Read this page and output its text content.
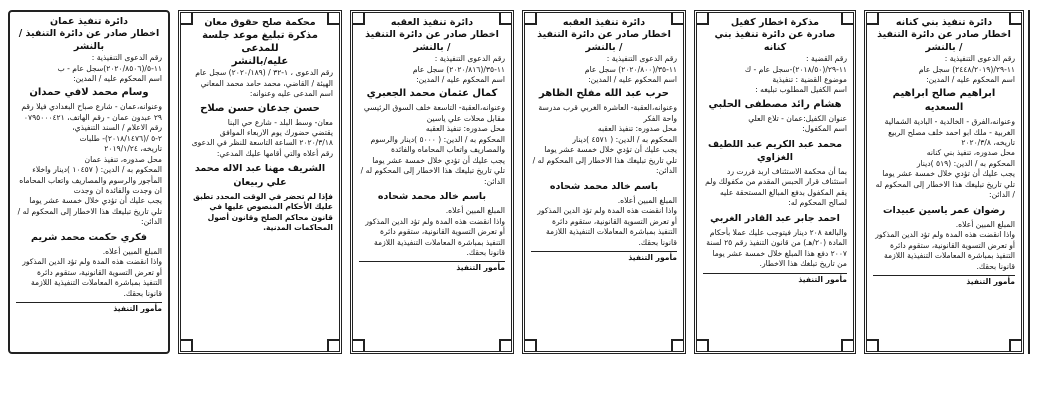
دائرة تنفيذ بني كنانه
اخطار صادر عن دائرة التنفيذ
/ بالنشر

رقم الدعوى التنفيذية :

١١-٢٩/(٢٤٤٨/٢٠١٩) سجل عام

اسم المحكوم عليه / المدين:

ابراهيم صالح ابراهيم السعديه

وعنوانه،الفرق - الخالدية - البادية الشمالية الغربية - ملك ابو احمد خلف مصلح الربيع

تاريخه، ٢٠٢٠/٣/٨

محل صدوره، تنفيذ بني كنانه

المحكوم به / الدين: (٥١٩ )دينار

يجب عليك أن تؤدي خلال خمسة عشر يوما تلي تاريخ تبليغك هذا الاخطار إلى المحكوم له / الدائن:

رضوان عمر ياسين عبيدات

المبلغ المبين أعلاه.

واذا انقضت هذه المدة ولم تؤد الدين المذكور أو تعرض التسوية القانونية، ستقوم دائرة التنفيذ بمباشرة المعاملات التنفيذية اللازمة قانونا بحقك.

مأمور التنفيذ
مذكرة اخطار كفيل
صادرة عن دائرة تنفيذ بني كنانه

رقم القضية :

١١-٢٩/(٢٠١٨/٥٠)-سجل عام - ك

موضوع القضية : تنفيذية

اسم الكفيل المطلوب تبليغه :

هشام رائد مصطفى الحلبي

عنوان الكفيل:عمان - تلاع العلي

اسم المكفول:

محمد عبد الكريم عبد اللطيف الغزاوي

بما أن محكمة الاستئناف اربد قررت رد استئناف قرار الحبس المقدم من مكفولك ولم يقم المكفول بدفع المبالغ المستحقة عليه لصالح المحكوم له:

احمد جابر عبد القادر الغربي

والبالغة ٢٠٨ دينار فيتوجب عليك عملا بأحكام المادة (٢٠/هـ) من قانون التنفيذ رقم ٢٥ لسنة ٢٠٠٧ دفع هذا المبلغ خلال خمسة عشر يوما من تاريخ تبلغك هذا الاخطار.

مأمور التنفيذ
دائرة تنفيذ العقبه
اخطار صادر عن دائرة التنفيذ
/ بالنشر

رقم الدعوى التنفيذية :

١١-٣٥/(٢٠٢٠/٨٠٠) سجل عام

اسم المحكوم عليه / المدين:

حرب عبد الله مفلح الظاهر

وعنوانه،العقبة- العاشرة الغربي قرب مدرسة واحة الفكر

محل صدوره: تنفيذ العقبه

المحكوم به / الدين: ( ٤٥٧١ )دينار

يجب عليك أن تؤدي خلال خمسة عشر يوما تلي تاريخ تبليغك هذا الاخطار إلى المحكوم له / الدائن:

باسم خالد محمد شحاده

المبلغ المبين أعلاه.

واذا انقضت هذه المدة ولم تؤد الدين المذكور أو تعرض التسوية القانونية، ستقوم دائرة التنفيذ بمباشرة المعاملات التنفيذية اللازمة قانونا بحقك.

مأمور التنفيذ
دائرة تنفيذ العقبه
اخطار صادر عن دائرة التنفيذ
/ بالنشر

رقم الدعوى التنفيذية :

١١-٣٥/(٢٠٢٠/٨١٦) سجل عام

اسم المحكوم عليه / المدين:

كمال عثمان محمد الجعبري

وعنوانه،العقبة- التاسعة خلف السوق الرئيسي مقابل محلات علي ياسين

محل صدوره: تنفيذ العقبه

المحكوم به / الدين: ( ٥٠٠٠ )دينار والرسوم والمصاريف واتعاب المحاماه والفائدة

يجب عليك أن تؤدي خلال خمسة عشر يوما تلي تاريخ تبليغك هذا الاخطار إلى المحكوم له / الدائن:

باسم خالد محمد شحاده

المبلغ المبين أعلاه.

واذا انقضت هذه المدة ولم تؤد الدين المذكور أو تعرض التسوية القانونية، ستقوم دائرة التنفيذ بمباشرة المعاملات التنفيذية اللازمة قانونا بحقك.

مأمور التنفيذ
محكمة صلح حقوق معان
مذكرة تبليغ موعد جلسة للمدعى
عليه/بالنشر

رقم الدعوى ، ١-٣٢ / (٢٠٢٠/١٨٩) سجل عام

الهيئة / القاضي، محمد حامد محمد المعاني

اسم المدعى عليه وعنوانه:

حسن جدعان حسن صلاح

معان- وسط البلد - شارع حي البنا

يقتضي حضورك يوم الاربعاء الموافق ٢٠٢٠/٣/١٨ الساعة التاسعة للنظر في الدعوى رقم أعلاه والتي أقامها عليك المدعي:

الشريف مهنا عبد الاله محمد علي ربيعان

فإذا لم تحضر في الوقت المحدد تطبق عليك الأحكام المنصوص عليها في قانون محاكم الصلح وقانون أصول المحاكمات المدنية.

دائرة تنفيذ عمان
اخطار صادر عن دائرة التنفيذ / بالنشر

رقم الدعوى التنفيذية :

١١-٥/(٢٠٢٠/٨٥٠٦)سجل عام - ب

اسم المحكوم عليه / المدين:

وسام محمد لافي حمدان

وعنوانه،عمان - شارع صباح البغدادي فيلا رقم ٢٩ عبدون عمان - رقم الهاتف، ٠٧٩٥٠٠٠٤٢١

رقم الاعلام / السند التنفيذي،

٢-٥ /(٢٠١٨/١٤٧٦)- طلبات

تاريخه، ٢٠١٩/١/٢٤

محل صدوره، تنفيذ عمان

المحكوم به / الدين: ( ١٠٤٥٧ )دينار واخلاء المأجور والرسوم والمصاريف واتعاب المحاماه ان وجدت والفائدة ان وجدت

يجب عليك أن تؤدي خلال خمسة عشر يوما تلي تاريخ تبليغك هذا الاخطار إلى المحكوم له / الدائن:

فكري حكمت محمد شريم

المبلغ المبين أعلاه.

واذا انقضت هذه المدة ولم تؤد الدين المذكور أو تعرض التسوية القانونية، ستقوم دائرة التنفيذ بمباشرة المعاملات التنفيذية اللازمة قانونا بحقك.

مأمور التنفيذ
